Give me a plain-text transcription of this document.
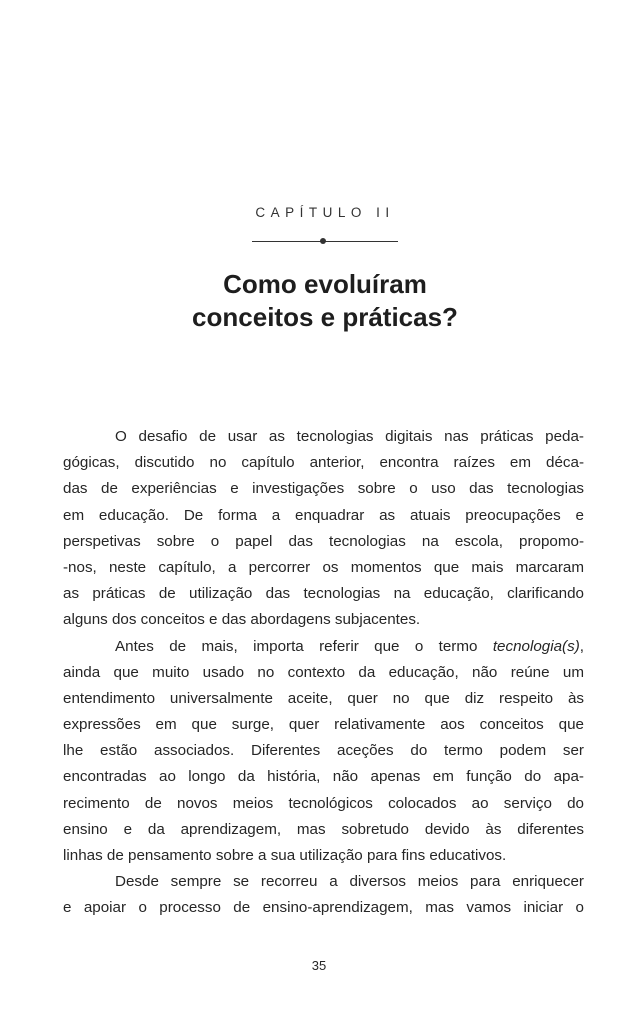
CAPÍTULO II
Como evoluíram
conceitos e práticas?
O desafio de usar as tecnologias digitais nas práticas peda-
gógicas, discutido no capítulo anterior, encontra raízes em déca-
das de experiências e investigações sobre o uso das tecnologias
em educação. De forma a enquadrar as atuais preocupações e
perspetivas sobre o papel das tecnologias na escola, propomo-
-nos, neste capítulo, a percorrer os momentos que mais marcaram
as práticas de utilização das tecnologias na educação, clarificando
alguns dos conceitos e das abordagens subjacentes.
Antes de mais, importa referir que o termo tecnologia(s),
ainda que muito usado no contexto da educação, não reúne um
entendimento universalmente aceite, quer no que diz respeito às
expressões em que surge, quer relativamente aos conceitos que
lhe estão associados. Diferentes aceções do termo podem ser
encontradas ao longo da história, não apenas em função do apa-
recimento de novos meios tecnológicos colocados ao serviço do
ensino e da aprendizagem, mas sobretudo devido às diferentes
linhas de pensamento sobre a sua utilização para fins educativos.
Desde sempre se recorreu a diversos meios para enriquecer
e apoiar o processo de ensino-aprendizagem, mas vamos iniciar o
35
